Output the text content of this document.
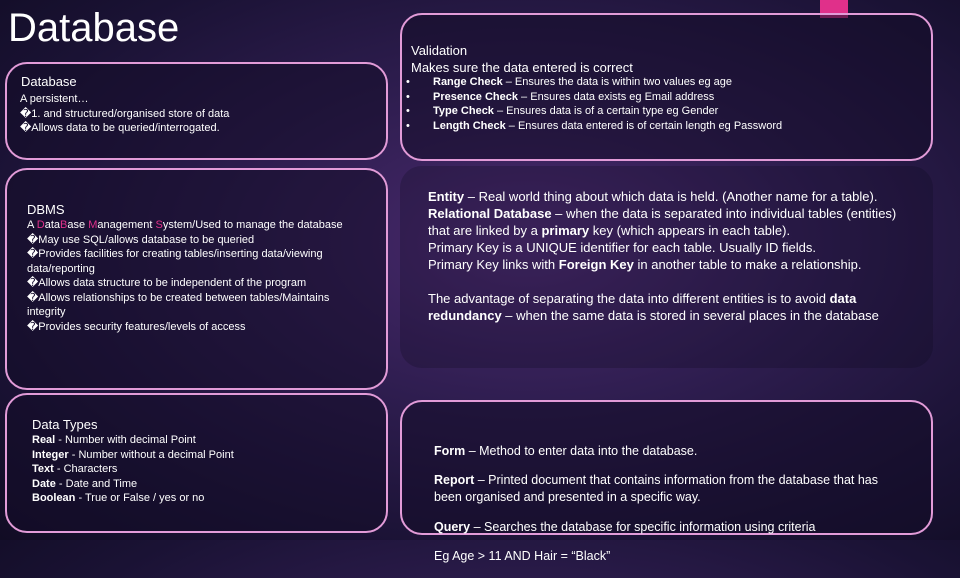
Database
Database

A persistent…

�1. and structured/organised store of data

�Allows data to be queried/interrogated.

Validation
Makes sure the data entered is correct
• Range Check – Ensures the data is within two values eg age
• Presence Check – Ensures data exists eg Email address
• Type Check – Ensures data is of a certain type eg Gender
• Length Check – Ensures data entered is of certain length eg Password
DBMS

A DataBase Management System/Used to manage the database

�May use SQL/allows database to be queried

�Provides facilities for creating tables/inserting data/viewing data/reporting

�Allows data structure to be independent of the program

�Allows relationships to be created between tables/Maintains integrity

�Provides security features/levels of access

Entity – Real world thing about which data is held. (Another name for a table).

Relational Database – when the data is separated into individual tables (entities) that are linked by a primary key (which appears in each table).

Primary Key is a UNIQUE identifier for each table. Usually ID fields.

Primary Key links with Foreign Key in another table to make a relationship.

The advantage of separating the data into different entities is to avoid data redundancy – when the same data is stored in several places in the database

Data Types

Real - Number with decimal Point

Integer - Number without a decimal Point

Text - Characters

Date - Date and Time

Boolean - True or False / yes or no

Form – Method to enter data into the database.

Report – Printed document that contains information from the database that has been organised and presented in a specific way.

Query – Searches the database for specific information using criteria

Eg Age > 11 AND Hair = “Black”
